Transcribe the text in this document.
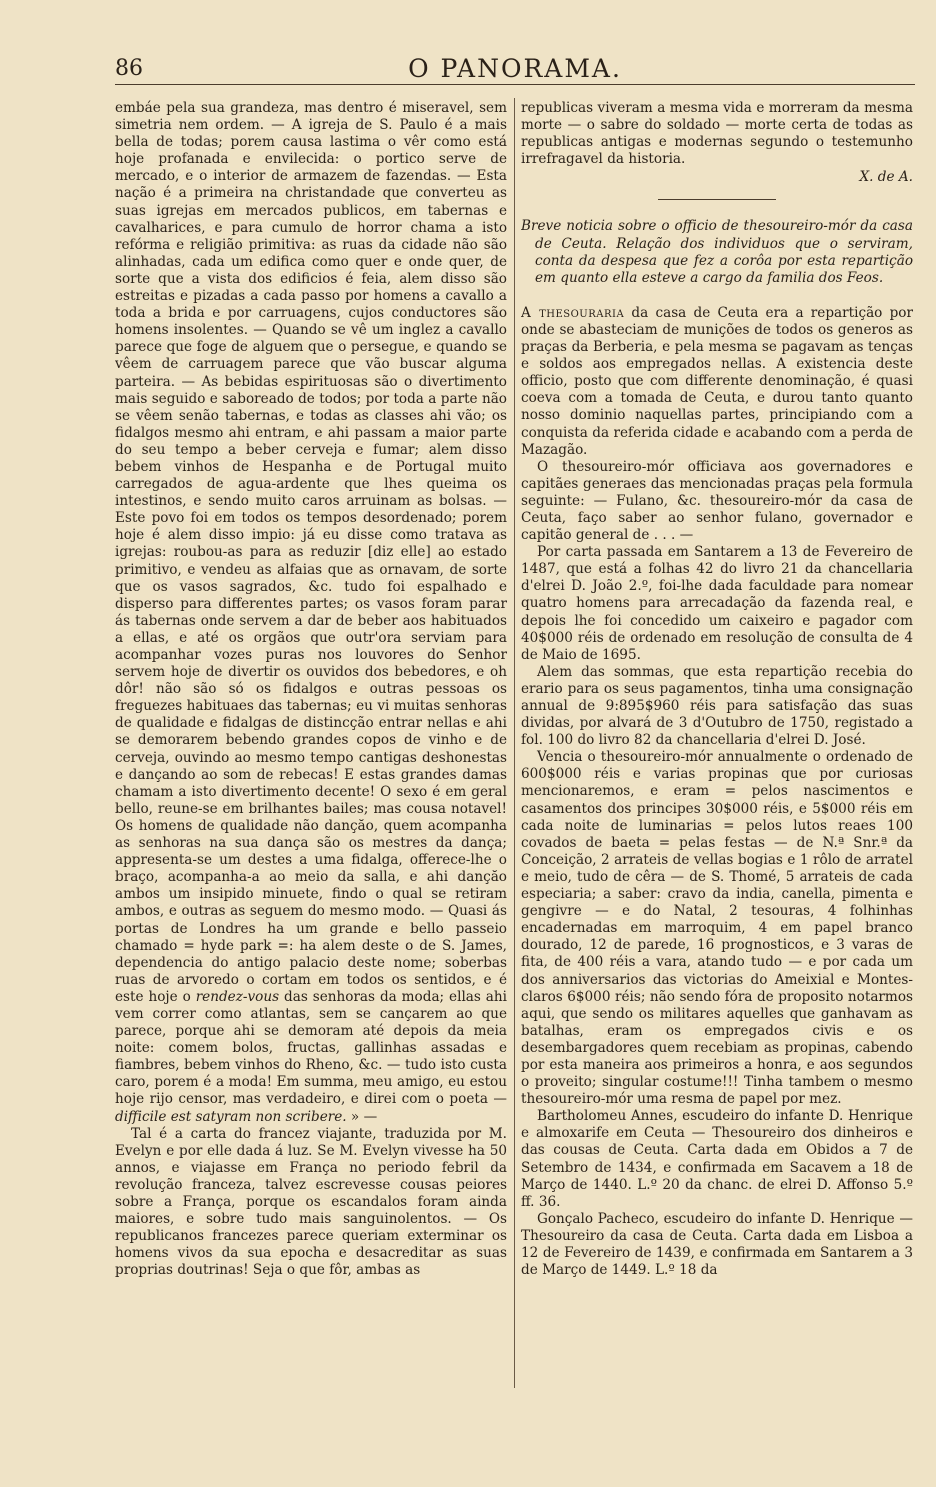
86	O PANORAMA.

embáe pela sua grandeza, mas dentro é miseravel, sem simetria nem ordem. — A igreja de S. Paulo é a mais bella de todas; porem causa lastima o vêr como está hoje profanada e envilecida: o portico serve de mercado, e o interior de armazem de fazendas. — Esta nação é a primeira na christandade que converteu as suas igrejas em mercados publicos, em tabernas e cavalharices, e para cumulo de horror chama a isto refórma e religião primitiva: as ruas da cidade não são alinhadas, cada um edifica como quer e onde quer, de sorte que a vista dos edificios é feia, alem disso são estreitas e pizadas a cada passo por homens a cavallo a toda a brida e por carruagens, cujos conductores são homens insolentes. — Quando se vê um inglez a cavallo parece que foge de alguem que o persegue, e quando se vêem de carruagem parece que vão buscar alguma parteira. — As bebidas espirituosas são o divertimento mais seguido e saboreado de todos; por toda a parte não se vêem senão tabernas, e todas as classes ahi vão; os fidalgos mesmo ahi entram, e ahi passam a maior parte do seu tempo a beber cerveja e fumar; alem disso bebem vinhos de Hespanha e de Portugal muito carregados de agua-ardente que lhes queima os intestinos, e sendo muito caros arruinam as bolsas. — Este povo foi em todos os tempos desordenado; porem hoje é alem disso impio: já eu disse como tratava as igrejas: roubou-as para as reduzir [diz elle] ao estado primitivo, e vendeu as alfaias que as ornavam, de sorte que os vasos sagrados, &c. tudo foi espalhado e disperso para differentes partes; os vasos foram parar ás tabernas onde servem a dar de beber aos habituados a ellas, e até os orgãos que outr'ora serviam para acompanhar vozes puras nos louvores do Senhor servem hoje de divertir os ouvidos dos bebedores, e oh dôr! não são só os fidalgos e outras pessoas os freguezes habituaes das tabernas; eu vi muitas senhoras de qualidade e fidalgas de distincção entrar nellas e ahi se demorarem bebendo grandes copos de vinho e de cerveja, ouvindo ao mesmo tempo cantigas deshonestas e dançando ao som de rebecas! E estas grandes damas chamam a isto divertimento decente! O sexo é em geral bello, reune-se em brilhantes bailes; mas cousa notavel! Os homens de qualidade não dançăo, quem acompanha as senhoras na sua dança são os mestres da dança; appresenta-se um destes a uma fidalga, offerece-lhe o braço, acompanha-a ao meio da salla, e ahi dançăo ambos um insipido minuete, findo o qual se retiram ambos, e outras as seguem do mesmo modo. — Quasi ás portas de Londres ha um grande e bello passeio chamado = hyde park =: ha alem deste o de S. James, dependencia do antigo palacio deste nome; soberbas ruas de arvoredo o cortam em todos os sentidos, e é este hoje o rendez-vous das senhoras da moda; ellas ahi vem correr como atlantas, sem se cançarem ao que parece, porque ahi se demoram até depois da meia noite: comem bolos, fructas, gallinhas assadas e fiambres, bebem vinhos do Rheno, &c. — tudo isto custa caro, porem é a moda! Em summa, meu amigo, eu estou hoje rijo censor, mas verdadeiro, e direi com o poeta — difficile est satyram non scribere. » —

Tal é a carta do francez viajante, traduzida por M. Evelyn e por elle dada á luz. Se M. Evelyn vivesse ha 50 annos, e viajasse em França no periodo febril da revolução franceza, talvez escrevesse cousas peiores sobre a França, porque os escandalos foram ainda maiores, e sobre tudo mais sanguinolentos. — Os republicanos francezes parece queriam exterminar os homens vivos da sua epocha e desacreditar as suas proprias doutrinas! Seja o que fôr, ambas as

republicas viveram a mesma vida e morreram da mesma morte — o sabre do soldado — morte certa de todas as republicas antigas e modernas segundo o testemunho irrefragavel da historia.

X. de A.

Breve noticia sobre o officio de thesoureiro-mór da casa de Ceuta. Relação dos individuos que o serviram, conta da despesa que fez a corôa por esta repartição em quanto ella esteve a cargo da familia dos Feos.

A thesouraria da casa de Ceuta era a repartição por onde se abasteciam de munições de todos os generos as praças da Berberia, e pela mesma se pagavam as tenças e soldos aos empregados nellas. A existencia deste officio, posto que com differente denominação, é quasi coeva com a tomada de Ceuta, e durou tanto quanto nosso dominio naquellas partes, principiando com a conquista da referida cidade e acabando com a perda de Mazagão.

O thesoureiro-mór officiava aos governadores e capitães generaes das mencionadas praças pela formula seguinte: — Fulano, &c. thesoureiro-mór da casa de Ceuta, faço saber ao senhor fulano, governador e capitão general de . . . —

Por carta passada em Santarem a 13 de Fevereiro de 1487, que está a folhas 42 do livro 21 da chancellaria d'elrei D. João 2.º, foi-lhe dada faculdade para nomear quatro homens para arrecadação da fazenda real, e depois lhe foi concedido um caixeiro e pagador com 40$000 réis de ordenado em resolução de consulta de 4 de Maio de 1695.

Alem das sommas, que esta repartição recebia do erario para os seus pagamentos, tinha uma consignação annual de 9:895$960 réis para satisfação das suas dividas, por alvará de 3 d'Outubro de 1750, registado a fol. 100 do livro 82 da chancellaria d'elrei D. José.

Vencia o thesoureiro-mór annualmente o ordenado de 600$000 réis e varias propinas que por curiosas mencionaremos, e eram = pelos nascimentos e casamentos dos principes 30$000 réis, e 5$000 réis em cada noite de luminarias = pelos lutos reaes 100 covados de baeta = pelas festas — de N.ª Snr.ª da Conceição, 2 arrateis de vellas bogias e 1 rôlo de arratel e meio, tudo de cêra — de S. Thomé, 5 arrateis de cada especiaria; a saber: cravo da india, canella, pimenta e gengivre — e do Natal, 2 tesouras, 4 folhinhas encadernadas em marroquim, 4 em papel branco dourado, 12 de parede, 16 prognosticos, e 3 varas de fita, de 400 réis a vara, atando tudo — e por cada um dos anniversarios das victorias do Ameixial e Montes-claros 6$000 réis; não sendo fóra de proposito notarmos aqui, que sendo os militares aquelles que ganhavam as batalhas, eram os empregados civis e os desembargadores quem recebiam as propinas, cabendo por esta maneira aos primeiros a honra, e aos segundos o proveito; singular costume!!! Tinha tambem o mesmo thesoureiro-mór uma resma de papel por mez.

Bartholomeu Annes, escudeiro do infante D. Henrique e almoxarife em Ceuta — Thesoureiro dos dinheiros e das cousas de Ceuta. Carta dada em Obidos a 7 de Setembro de 1434, e confirmada em Sacavem a 18 de Março de 1440. L.º 20 da chanc. de elrei D. Affonso 5.º ff. 36.

Gonçalo Pacheco, escudeiro do infante D. Henrique — Thesoureiro da casa de Ceuta. Carta dada em Lisboa a 12 de Fevereiro de 1439, e confirmada em Santarem a 3 de Março de 1449. L.º 18 da
